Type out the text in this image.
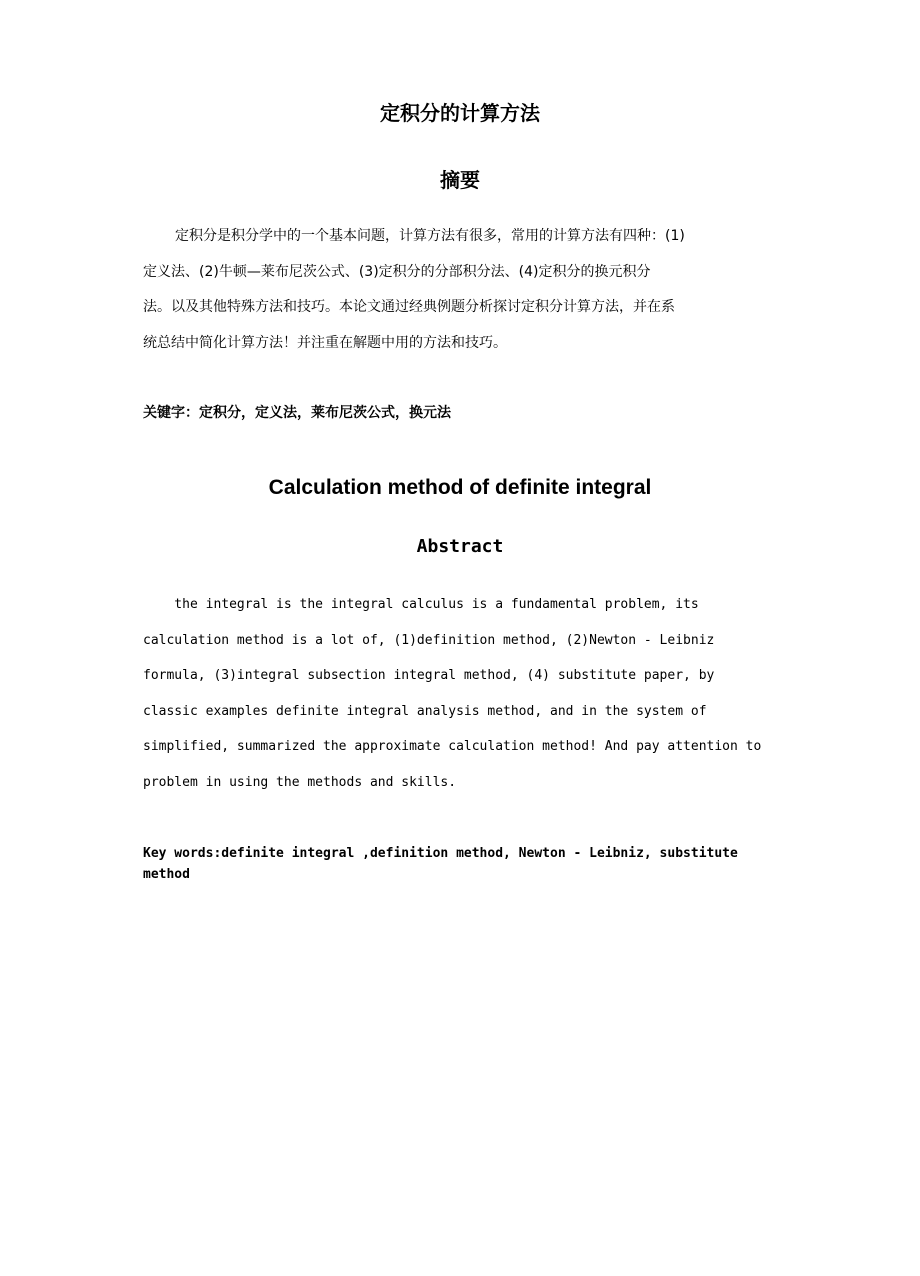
定积分的计算方法
摘要

定积分是积分学中的一个基本问题，计算方法有很多，常用的计算方法有四种：(1)
定义法、(2)牛顿—莱布尼茨公式、(3)定积分的分部积分法、(4)定积分的换元积分
法。以及其他特殊方法和技巧。本论文通过经典例题分析探讨定积分计算方法，并在系
统总结中简化计算方法！并注重在解题中用的方法和技巧。

关键字：定积分，定义法，莱布尼茨公式，换元法
Calculation method of definite integral
Abstract

the integral is the integral calculus is a fundamental problem, its
calculation method is a lot of, (1)definition method, (2)Newton - Leibniz
formula, (3)integral subsection integral method, (4) substitute paper, by
classic examples definite integral analysis method, and in the system of
simplified, summarized the approximate calculation method! And pay attention to
problem in using the methods and skills.

Key words:definite integral ,definition method, Newton - Leibniz, substitute
method
